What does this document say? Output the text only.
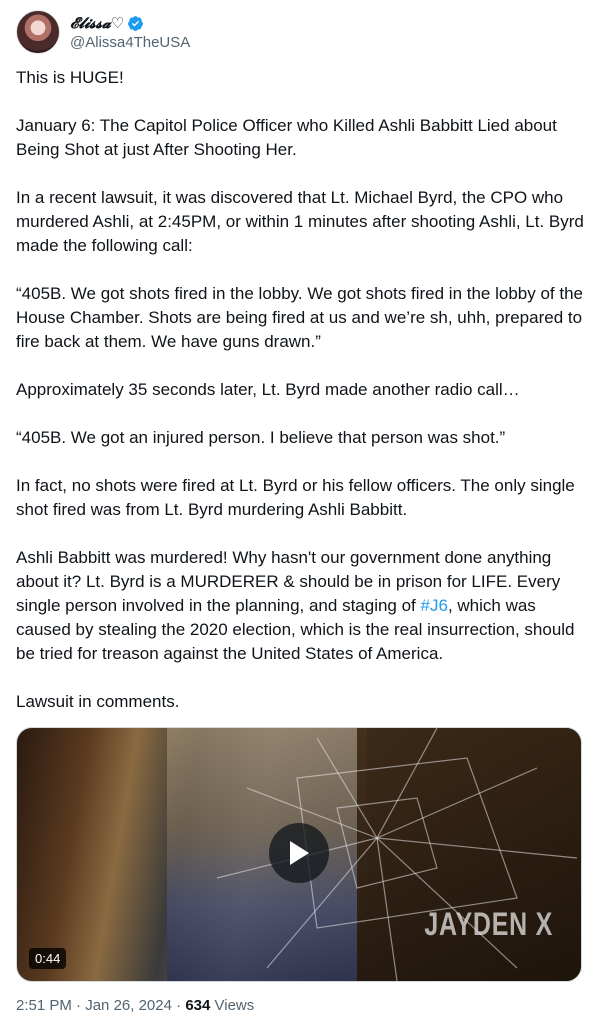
𝓔𝓵𝓲𝓼𝓼𝓪♡
@Alissa4TheUSA

This is HUGE!

January 6: The Capitol Police Officer who Killed Ashli Babbitt Lied about Being Shot at just After Shooting Her.

In a recent lawsuit, it was discovered that Lt. Michael Byrd, the CPO who murdered Ashli, at 2:45PM, or within 1 minutes after shooting Ashli, Lt. Byrd made the following call:

“405B. We got shots fired in the lobby. We got shots fired in the lobby of the House Chamber. Shots are being fired at us and we’re sh, uhh, prepared to fire back at them. We have guns drawn.”

Approximately 35 seconds later, Lt. Byrd made another radio call…

“405B. We got an injured person. I believe that person was shot.”

In fact, no shots were fired at Lt. Byrd or his fellow officers. The only single shot fired was from Lt. Byrd murdering Ashli Babbitt.

Ashli Babbitt was murdered! Why hasn't our government done anything about it? Lt. Byrd is a MURDERER & should be in prison for LIFE. Every single person involved in the planning, and staging of #J6, which was caused by stealing the 2020 election, which is the real insurrection, should be tried for treason against the United States of America.

Lawsuit in comments.

JAYDEN X
0:44
2:51 PM · Jan 26, 2024 · 634 Views
